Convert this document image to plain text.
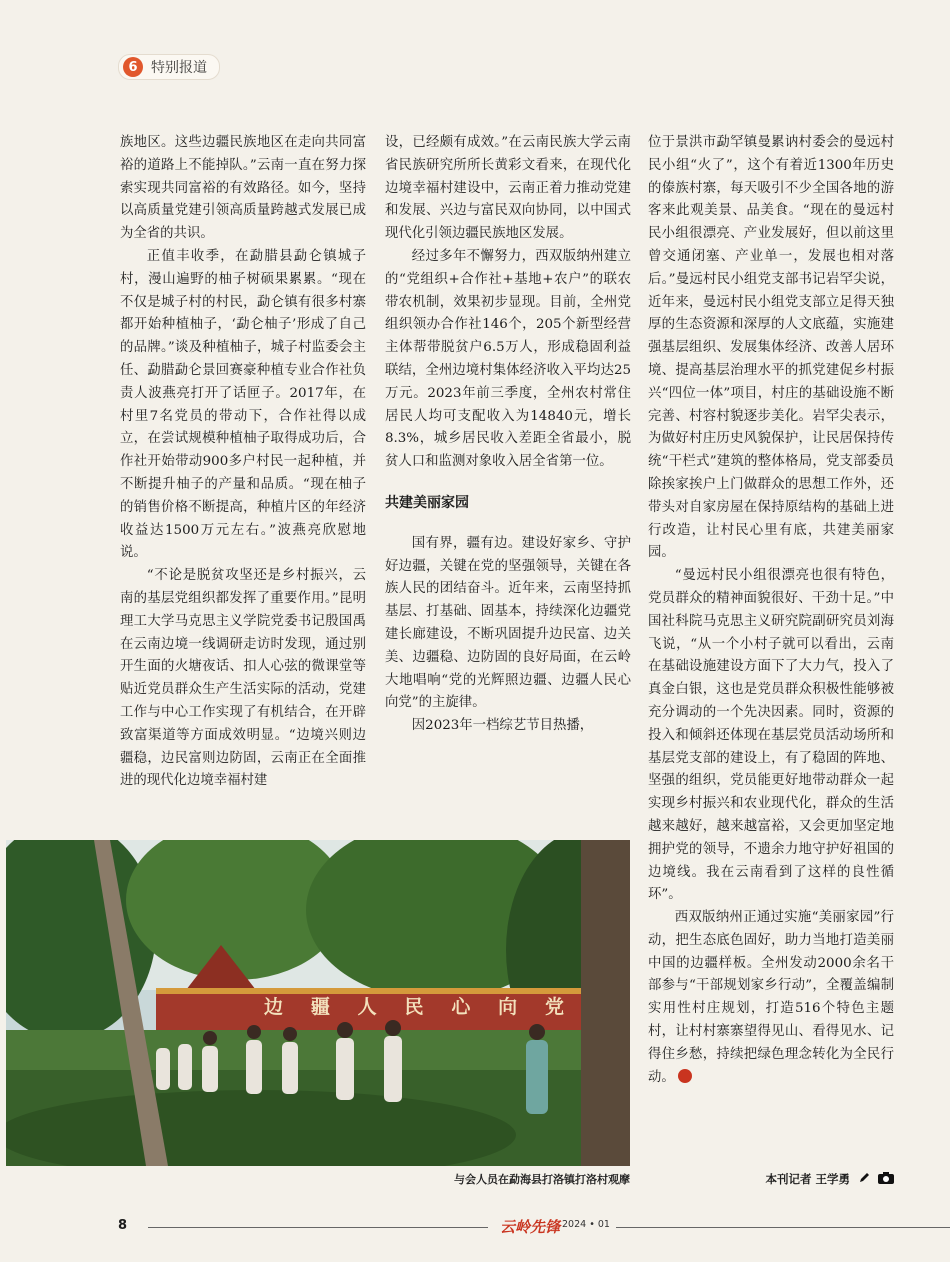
6 特别报道

族地区。这些边疆民族地区在走向共同富裕的道路上不能掉队。”云南一直在努力探索实现共同富裕的有效路径。如今，坚持以高质量党建引领高质量跨越式发展已成为全省的共识。

正值丰收季，在勐腊县勐仑镇城子村，漫山遍野的柚子树硕果累累。“现在不仅是城子村的村民，勐仑镇有很多村寨都开始种植柚子，‘勐仑柚子’形成了自己的品牌。”谈及种植柚子，城子村监委会主任、勐腊勐仑景回赛豪种植专业合作社负责人波燕亮打开了话匣子。2017年，在村里7名党员的带动下，合作社得以成立，在尝试规模种植柚子取得成功后，合作社开始带动900多户村民一起种植，并不断提升柚子的产量和品质。“现在柚子的销售价格不断提高，种植片区的年经济收益达1500万元左右。”波燕亮欣慰地说。

“不论是脱贫攻坚还是乡村振兴，云南的基层党组织都发挥了重要作用。”昆明理工大学马克思主义学院党委书记殷国禹在云南边境一线调研走访时发现，通过别开生面的火塘夜话、扣人心弦的微课堂等贴近党员群众生产生活实际的活动，党建工作与中心工作实现了有机结合，在开辟致富渠道等方面成效明显。“边境兴则边疆稳，边民富则边防固，云南正在全面推进的现代化边境幸福村建

设，已经颇有成效。”在云南民族大学云南省民族研究所所长黄彩文看来，在现代化边境幸福村建设中，云南正着力推动党建和发展、兴边与富民双向协同，以中国式现代化引领边疆民族地区发展。

经过多年不懈努力，西双版纳州建立的“党组织+合作社+基地+农户”的联农带农机制，效果初步显现。目前，全州党组织领办合作社146个，205个新型经营主体帮带脱贫户6.5万人，形成稳固利益联结，全州边境村集体经济收入平均达25万元。2023年前三季度，全州农村常住居民人均可支配收入为14840元，增长8.3%，城乡居民收入差距全省最小，脱贫人口和监测对象收入居全省第一位。

共建美丽家园

国有界，疆有边。建设好家乡、守护好边疆，关键在党的坚强领导，关键在各族人民的团结奋斗。近年来，云南坚持抓基层、打基础、固基本，持续深化边疆党建长廊建设，不断巩固提升边民富、边关美、边疆稳、边防固的良好局面，在云岭大地唱响“党的光辉照边疆、边疆人民心向党”的主旋律。

因2023年一档综艺节目热播，

位于景洪市勐罕镇曼累讷村委会的曼远村民小组“火了”，这个有着近1300年历史的傣族村寨，每天吸引不少全国各地的游客来此观美景、品美食。“现在的曼远村民小组很漂亮、产业发展好，但以前这里曾交通闭塞、产业单一，发展也相对落后。”曼远村民小组党支部书记岩罕尖说，近年来，曼远村民小组党支部立足得天独厚的生态资源和深厚的人文底蕴，实施建强基层组织、发展集体经济、改善人居环境、提高基层治理水平的抓党建促乡村振兴“四位一体”项目，村庄的基础设施不断完善、村容村貌逐步美化。岩罕尖表示，为做好村庄历史风貌保护，让民居保持传统“干栏式”建筑的整体格局，党支部委员除挨家挨户上门做群众的思想工作外，还带头对自家房屋在保持原结构的基础上进行改造，让村民心里有底，共建美丽家园。

“曼远村民小组很漂亮也很有特色，党员群众的精神面貌很好、干劲十足。”中国社科院马克思主义研究院副研究员刘海飞说，“从一个小村子就可以看出，云南在基础设施建设方面下了大力气，投入了真金白银，这也是党员群众积极性能够被充分调动的一个先决因素。同时，资源的投入和倾斜还体现在基层党员活动场所和基层党支部的建设上，有了稳固的阵地、坚强的组织，党员能更好地带动群众一起实现乡村振兴和农业现代化，群众的生活越来越好，越来越富裕，又会更加坚定地拥护党的领导，不遗余力地守护好祖国的边境线。我在云南看到了这样的良性循环”。

西双版纳州正通过实施“美丽家园”行动，把生态底色固好，助力当地打造美丽中国的边疆样板。全州发动2000余名干部参与“干部规划家乡行动”，全覆盖编制实用性村庄规划，打造516个特色主题村，让村村寨寨望得见山、看得见水、记得住乡愁，持续把绿色理念转化为全民行动。

边 疆 人 民 心 向 党
与会人员在勐海县打洛镇打洛村观摩	本刊记者 王学勇
8	云岭先锋 2024 • 01
